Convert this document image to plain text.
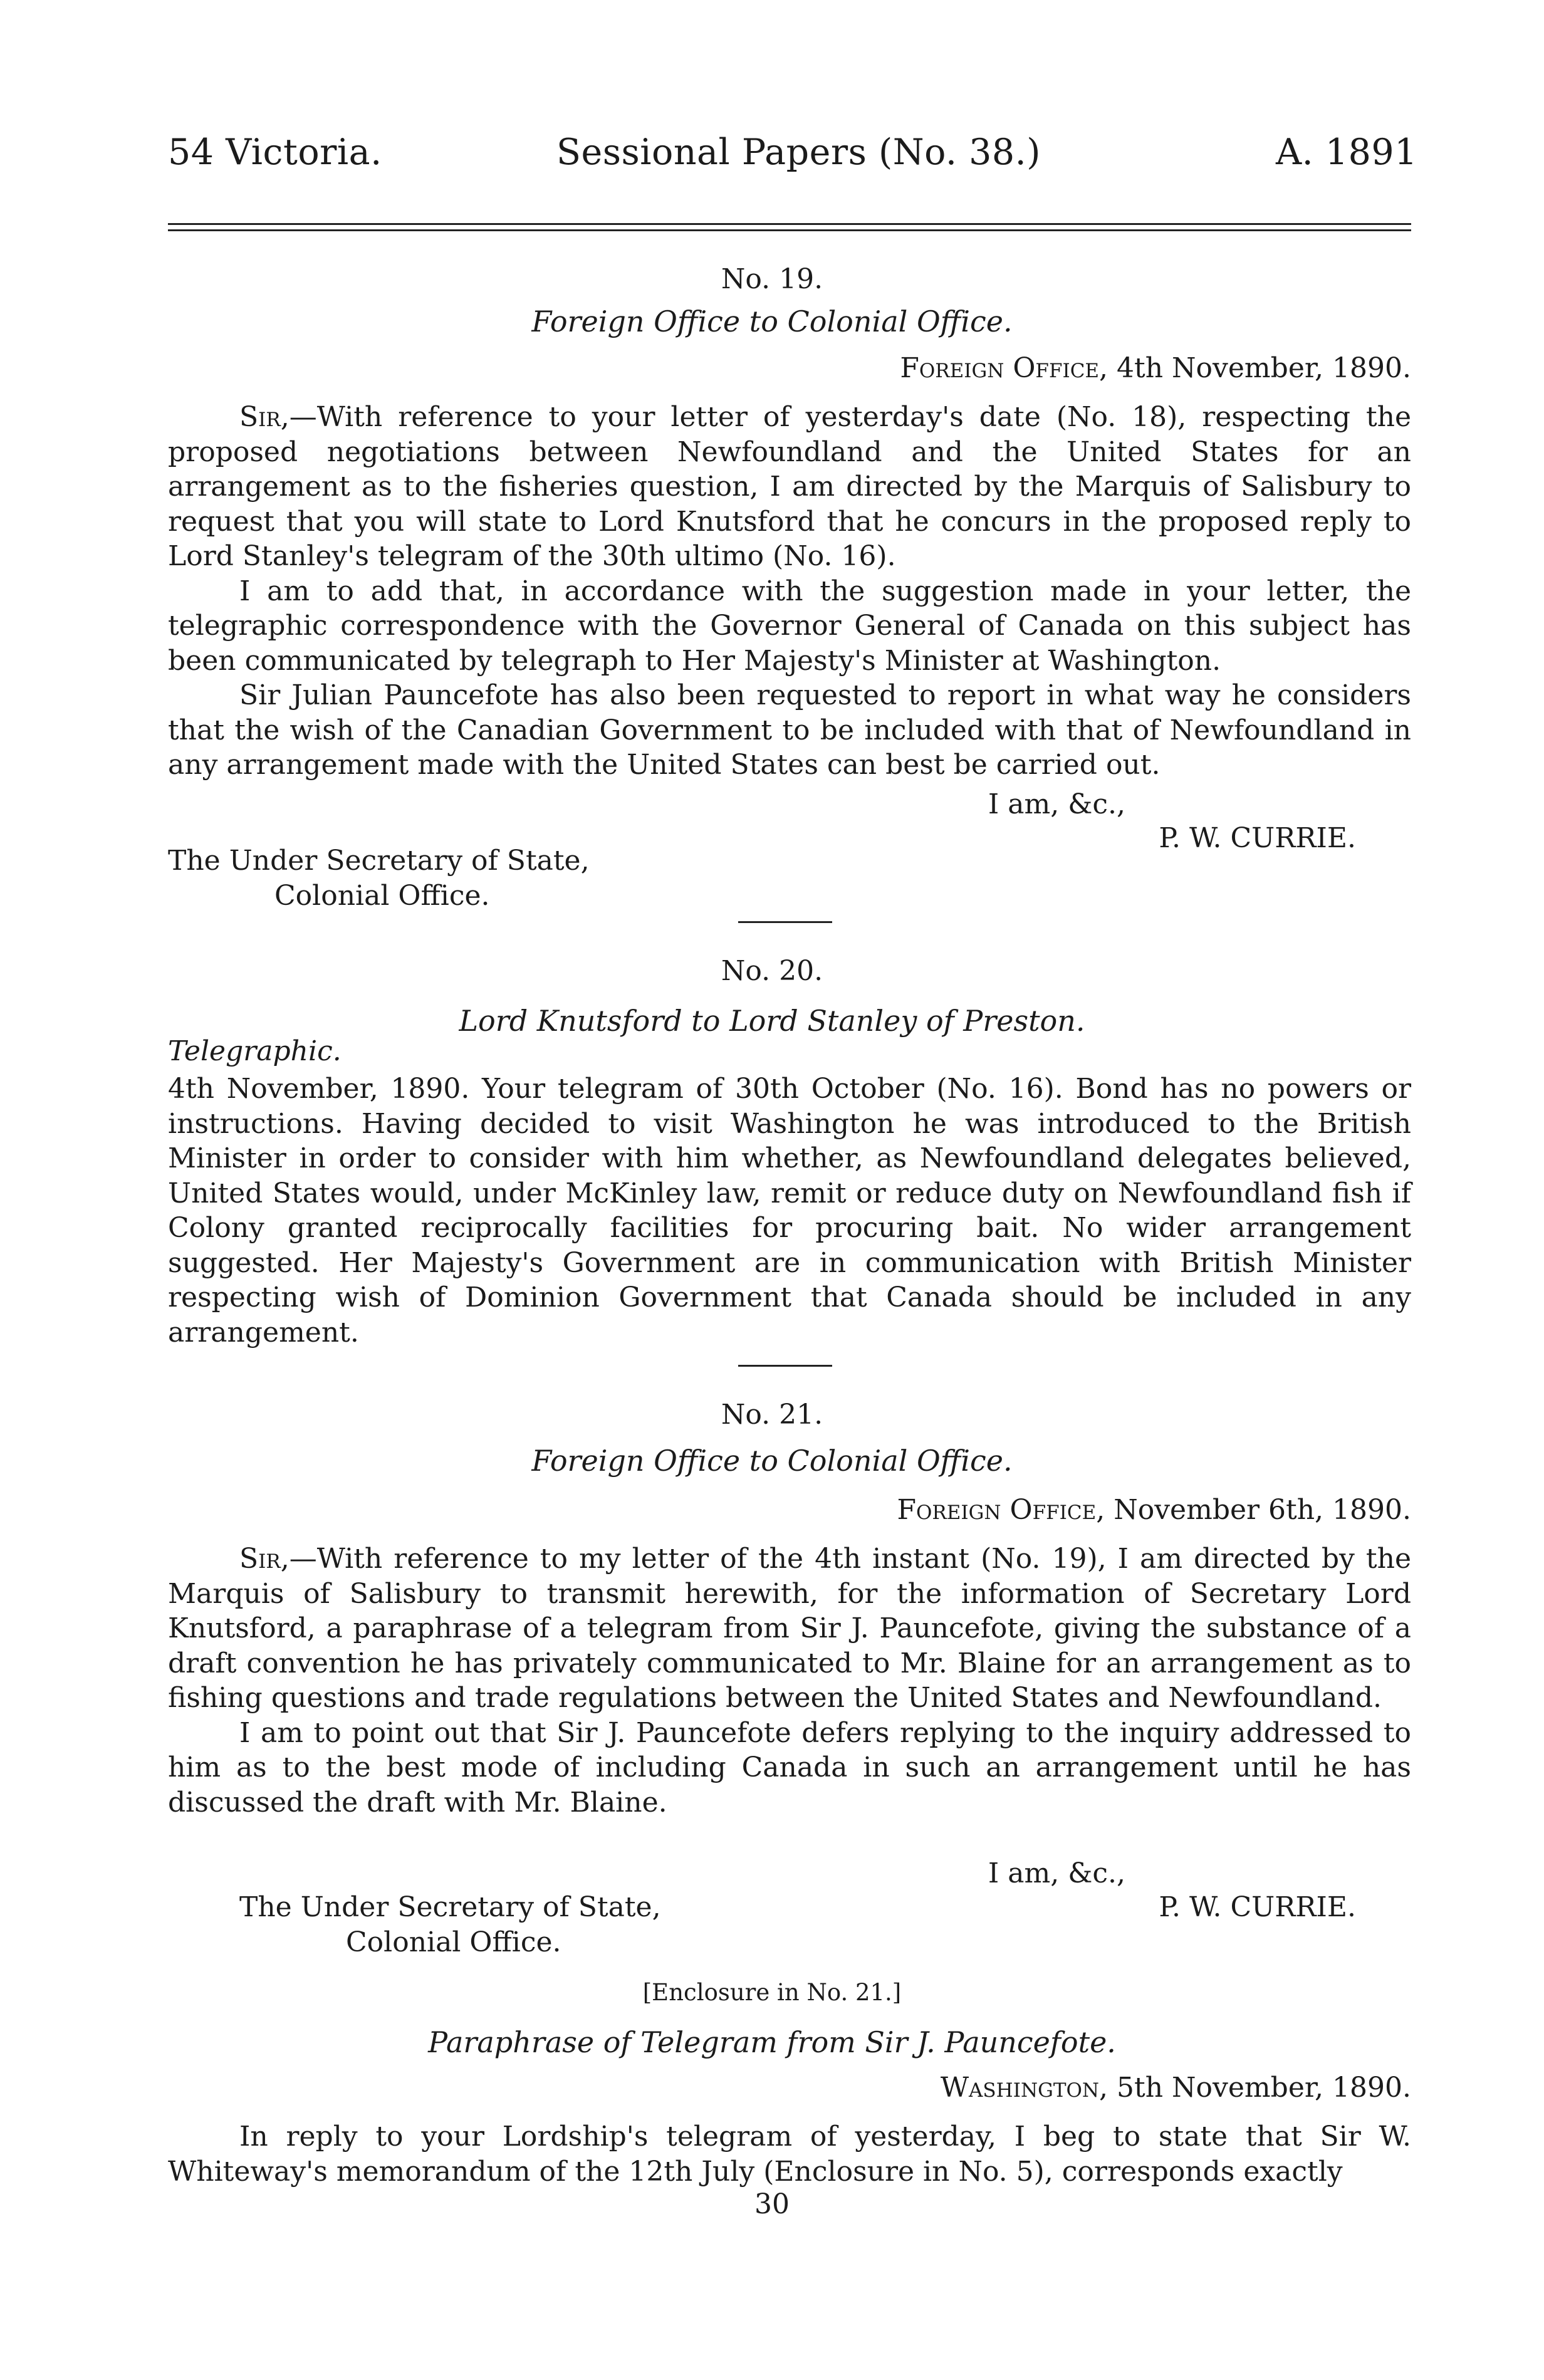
54 Victoria.	Sessional Papers (No. 38.)	A. 1891
No. 19.
Foreign Office to Colonial Office.
Foreign Office, 4th November, 1890.

Sir,—With reference to your letter of yesterday's date (No. 18), respecting the proposed negotiations between Newfoundland and the United States for an arrangement as to the fisheries question, I am directed by the Marquis of Salisbury to request that you will state to Lord Knutsford that he concurs in the proposed reply to Lord Stanley's telegram of the 30th ultimo (No. 16).

I am to add that, in accordance with the suggestion made in your letter, the telegraphic correspondence with the Governor General of Canada on this subject has been communicated by telegraph to Her Majesty's Minister at Washington.

Sir Julian Pauncefote has also been requested to report in what way he considers that the wish of the Canadian Government to be included with that of Newfoundland in any arrangement made with the United States can best be carried out.

I am, &c.,
P. W. CURRIE.
The Under Secretary of State,
Colonial Office.
No. 20.
Lord Knutsford to Lord Stanley of Preston.
Telegraphic.

4th November, 1890. Your telegram of 30th October (No. 16). Bond has no powers or instructions. Having decided to visit Washington he was introduced to the British Minister in order to consider with him whether, as Newfoundland delegates believed, United States would, under McKinley law, remit or reduce duty on Newfoundland fish if Colony granted reciprocally facilities for procuring bait. No wider arrangement suggested. Her Majesty's Government are in communication with British Minister respecting wish of Dominion Government that Canada should be included in any arrangement.

No. 21.
Foreign Office to Colonial Office.
Foreign Office, November 6th, 1890.

Sir,—With reference to my letter of the 4th instant (No. 19), I am directed by the Marquis of Salisbury to transmit herewith, for the information of Secretary Lord Knutsford, a paraphrase of a telegram from Sir J. Pauncefote, giving the substance of a draft convention he has privately communicated to Mr. Blaine for an arrangement as to fishing questions and trade regulations between the United States and Newfoundland.

I am to point out that Sir J. Pauncefote defers replying to the inquiry addressed to him as to the best mode of including Canada in such an arrangement until he has discussed the draft with Mr. Blaine.

I am, &c.,
P. W. CURRIE.
The Under Secretary of State,
Colonial Office.
[Enclosure in No. 21.]
Paraphrase of Telegram from Sir J. Pauncefote.
Washington, 5th November, 1890.

In reply to your Lordship's telegram of yesterday, I beg to state that Sir W. Whiteway's memorandum of the 12th July (Enclosure in No. 5), corresponds exactly

30
